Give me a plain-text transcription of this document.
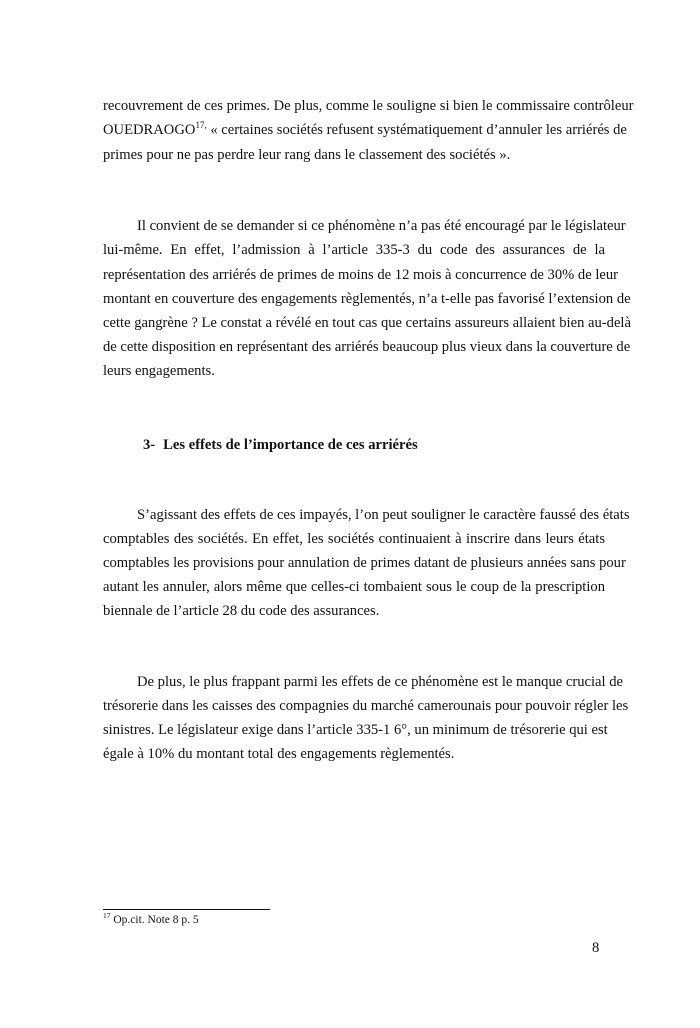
recouvrement de ces primes. De plus, comme le souligne si bien le commissaire contrôleur
$OUEDRAOGO^{17,}$ « certaines sociétés refusent systématiquement d’annuler les arriérés de
primes pour ne pas perdre leur rang dans le classement des sociétés ».
Il convient de se demander si ce phénomène n’a pas été encouragé par le législateur
lui-même. En effet, l’admission à l’article 335-3 du code des assurances de la
représentation des arriérés de primes de moins de 12 mois à concurrence de 30% de leur
montant en couverture des engagements règlementés, n’a t-elle pas favorisé l’extension de
cette gangrène ? Le constat a révélé en tout cas que certains assureurs allaient bien au-delà
de cette disposition en représentant des arriérés beaucoup plus vieux dans la couverture de
leurs engagements.
3- Les effets de l’importance de ces arriérés
S’agissant des effets de ces impayés, l’on peut souligner le caractère faussé des états
comptables des sociétés. En effet, les sociétés continuaient à inscrire dans leurs états
comptables les provisions pour annulation de primes datant de plusieurs années sans pour
autant les annuler, alors même que celles-ci tombaient sous le coup de la prescription
biennale de l’article 28 du code des assurances.
De plus, le plus frappant parmi les effets de ce phénomène est le manque crucial de
trésorerie dans les caisses des compagnies du marché camerounais pour pouvoir régler les
sinistres. Le législateur exige dans l’article 335-1 6°, un minimum de trésorerie qui est
égale à 10% du montant total des engagements règlementés.
$^{17}$ Op.cit. Note 8 p. 5
8
